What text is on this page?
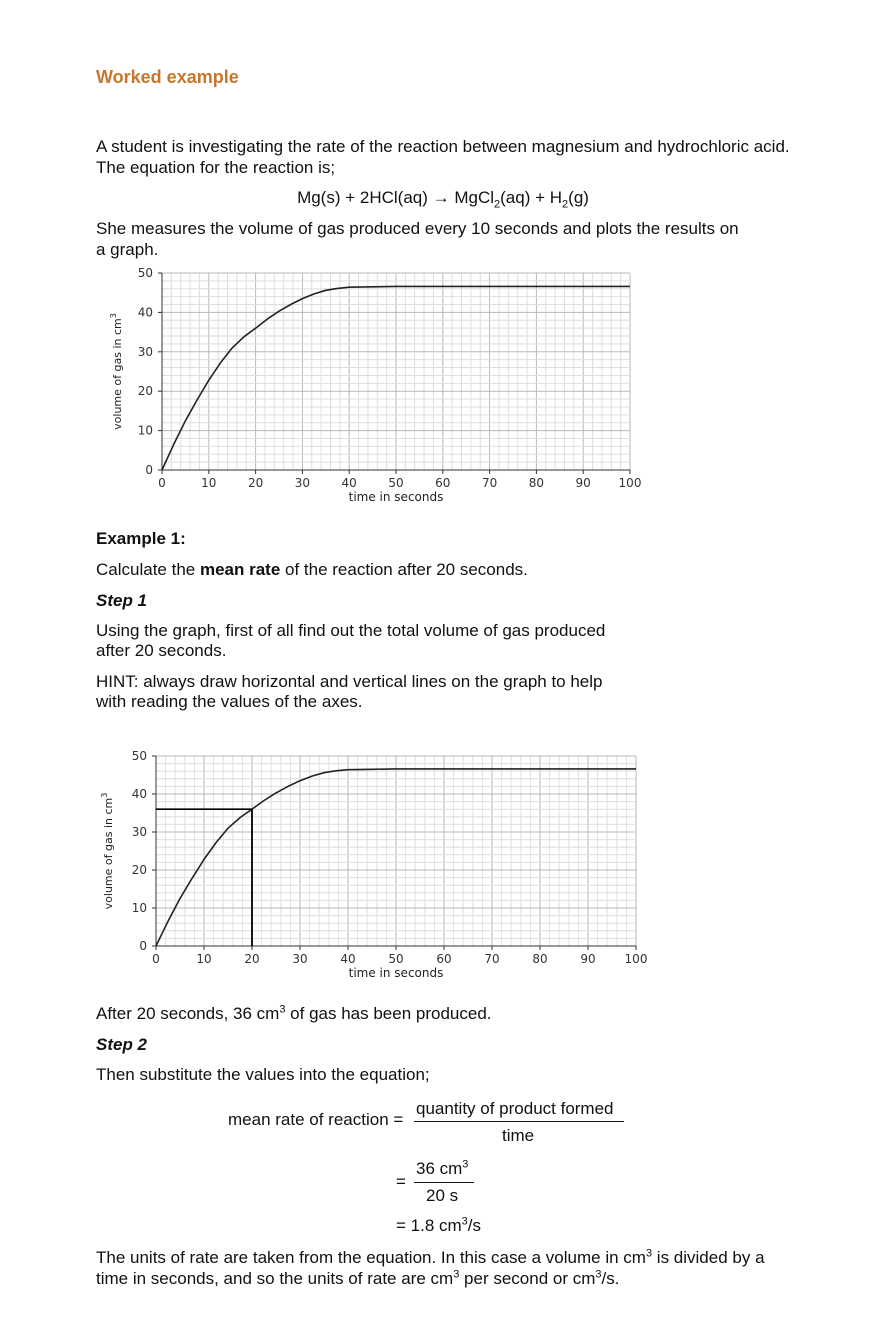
Worked example

A student is investigating the rate of the reaction between magnesium and hydrochloric acid.

The equation for the reaction is;

Mg(s) + 2HCl(aq) → MgCl$_2$(aq) + $H_2(g)$

She measures the volume of gas produced every 10 seconds and plots the results on

a graph.

0	10	20	30	40	50	60	70	80	90 100
0
10
20
30
40
50
time in seconds
volume of gas in $cm^3$

Example 1:

Calculate the mean rate of the reaction after 20 seconds.

Step 1

Using the graph, first of all find out the total volume of gas produced

after 20 seconds.

HINT: always draw horizontal and vertical lines on the graph to help

with reading the values of the axes.

0	10	20	30	40	50	60	70	80	90 100
0
10
20
30
40
50
time in seconds
volume of gas in $cm^3$

After 20 seconds, 36 $cm^3$ of gas has been produced.

Step 2

Then substitute the values into the equation;

mean rate of reaction =
quantity of product formed
time
=
36 $cm^3$
20 s
= 1.8 $cm^3/s$

The units of rate are taken from the equation. In this case a volume in $cm^3$ is divided by a

time in seconds, and so the units of rate are $cm^3$ per second or $cm^3/s$.
